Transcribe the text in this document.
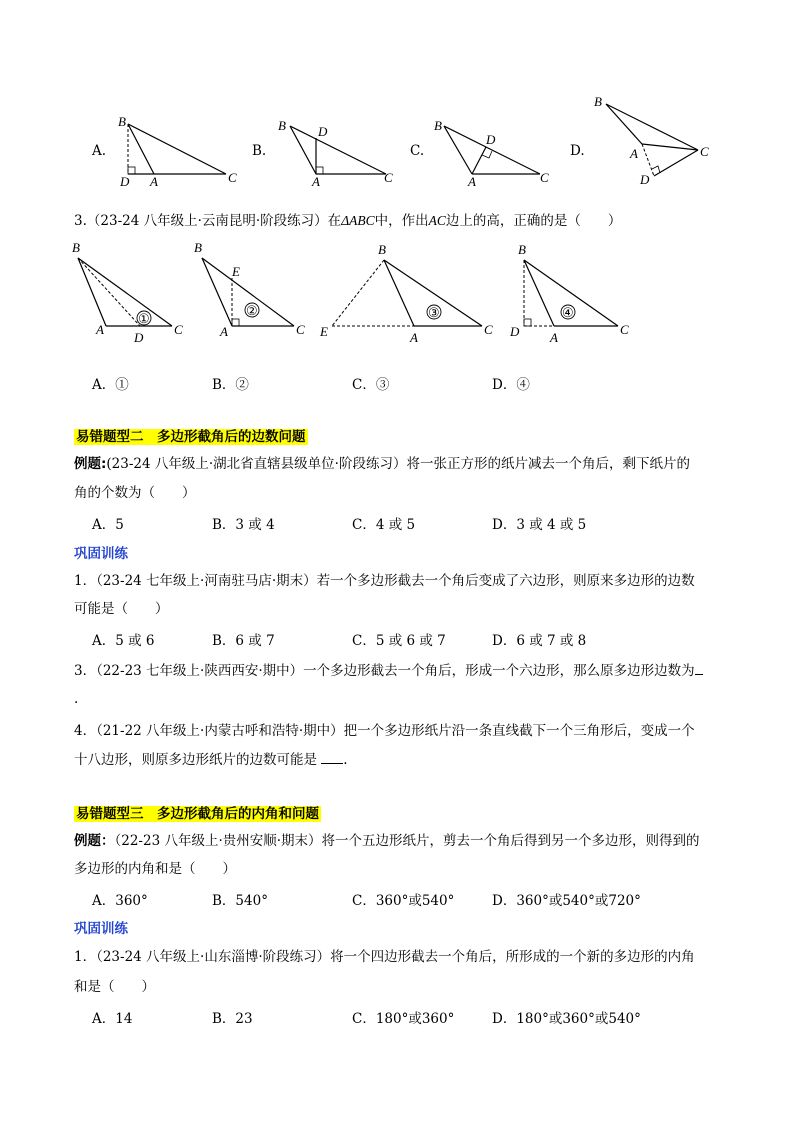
B
D A	C
A.
B D
A	C
B.
B
D
A	C
C.
B
A	C
D
D.
3.（23-24 八年级上·云南昆明·阶段练习）在ΔABC中，作出AC边上的高，正确的是（　　）
①
B
A
D
C
②
B
E
A	C
③
B
E	A
C
④
B
D A
C
A．①	B．②	C．③	D．④
易错题型二　多边形截角后的边数问题
例题:(23-24 八年级上·湖北省直辖县级单位·阶段练习）将一张正方形的纸片减去一个角后，剩下纸片的
角的个数为（　　）
A．5	B．3 或 4	C．4 或 5	D．3 或 4 或 5
巩固训练
1．（23-24 七年级上·河南驻马店·期末）若一个多边形截去一个角后变成了六边形，则原来多边形的边数
可能是（　　）
A．5 或 6	B．6 或 7	C．5 或 6 或 7	D．6 或 7 或 8
3．（22-23 七年级上·陕西西安·期中）一个多边形截去一个角后，形成一个六边形，那么原多边形边数为
.
4．（21-22 八年级上·内蒙古呼和浩特·期中）把一个多边形纸片沿一条直线截下一个三角形后，变成一个
十八边形，则原多边形纸片的边数可能是 .
易错题型三　多边形截角后的内角和问题
例题：（22-23 八年级上·贵州安顺·期末）将一个五边形纸片，剪去一个角后得到另一个多边形，则得到的
多边形的内角和是（　　）
A．360°	B．540°	C．360°或540°	D．360°或540°或720°
巩固训练
1．（23-24 八年级上·山东淄博·阶段练习）将一个四边形截去一个角后，所形成的一个新的多边形的内角
和是（　　）
A．14	B．23	C．180°或360°	D．180°或360°或540°
